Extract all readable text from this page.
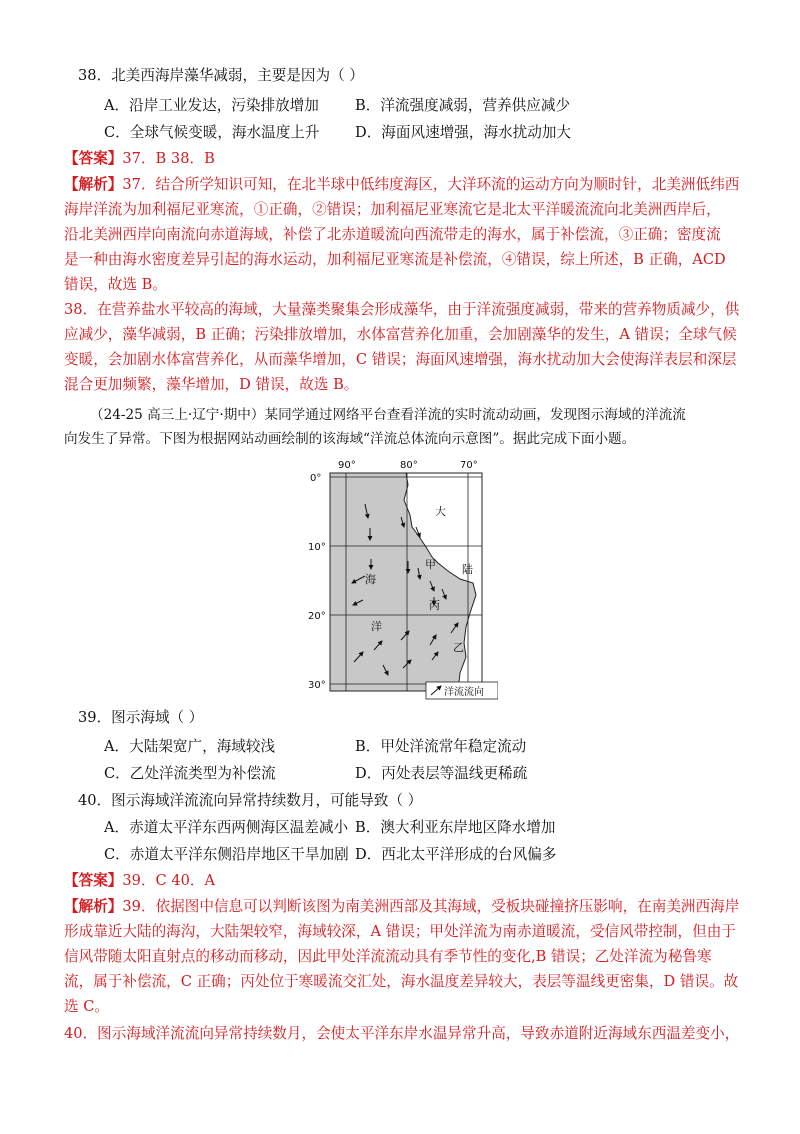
38．北美西海岸藻华减弱，主要是因为（ ）
A．沿岸工业发达，污染排放增加 B．洋流强度减弱，营养供应减少
C．全球气候变暖，海水温度上升 D．海面风速增强，海水扰动加大
【答案】37．B 38．B
【解析】37．结合所学知识可知，在北半球中低纬度海区，大洋环流的运动方向为顺时针，北美洲低纬西
海岸洋流为加利福尼亚寒流，①正确，②错误；加利福尼亚寒流它是北太平洋暖流流向北美洲西岸后，
沿北美洲西岸向南流向赤道海域，补偿了北赤道暖流向西流带走的海水，属于补偿流，③正确；密度流
是一种由海水密度差异引起的海水运动，加利福尼亚寒流是补偿流，④错误，综上所述，B 正确，ACD
错误，故选 B。
38．在营养盐水平较高的海域，大量藻类聚集会形成藻华，由于洋流强度减弱，带来的营养物质减少，供
应减少，藻华减弱，B 正确；污染排放增加，水体富营养化加重，会加剧藻华的发生，A 错误；全球气候
变暖，会加剧水体富营养化，从而藻华增加，C 错误；海面风速增强，海水扰动加大会使海洋表层和深层
混合更加频繁，藻华增加，D 错误，故选 B。
（24-25 高三上·辽宁·期中）某同学通过网络平台查看洋流的实时流动动画，发现图示海域的洋流流
向发生了异常。下图为根据网站动画绘制的该海域“洋流总体流向示意图”。据此完成下面小题。
90°	80°	70°
0°
10°
20°
30°
大
陆
海
洋
甲
丙
乙
洋流流向
39．图示海域（ ）
A．大陆架宽广，海域较浅	B．甲处洋流常年稳定流动
C．乙处洋流类型为补偿流	D．丙处表层等温线更稀疏
40．图示海域洋流流向异常持续数月，可能导致（ ）
A．赤道太平洋东西两侧海区温差减小 B．澳大利亚东岸地区降水增加
C．赤道太平洋东侧沿岸地区干旱加剧 D．西北太平洋形成的台风偏多
【答案】39．C 40．A
【解析】39．依据图中信息可以判断该图为南美洲西部及其海域，受板块碰撞挤压影响，在南美洲西海岸
形成靠近大陆的海沟，大陆架较窄，海域较深，A 错误；甲处洋流为南赤道暖流，受信风带控制，但由于
信风带随太阳直射点的移动而移动，因此甲处洋流流动具有季节性的变化,B 错误；乙处洋流为秘鲁寒
流，属于补偿流，C 正确；丙处位于寒暖流交汇处，海水温度差异较大，表层等温线更密集，D 错误。故
选 C。
40．图示海域洋流流向异常持续数月，会使太平洋东岸水温异常升高，导致赤道附近海域东西温差变小，
